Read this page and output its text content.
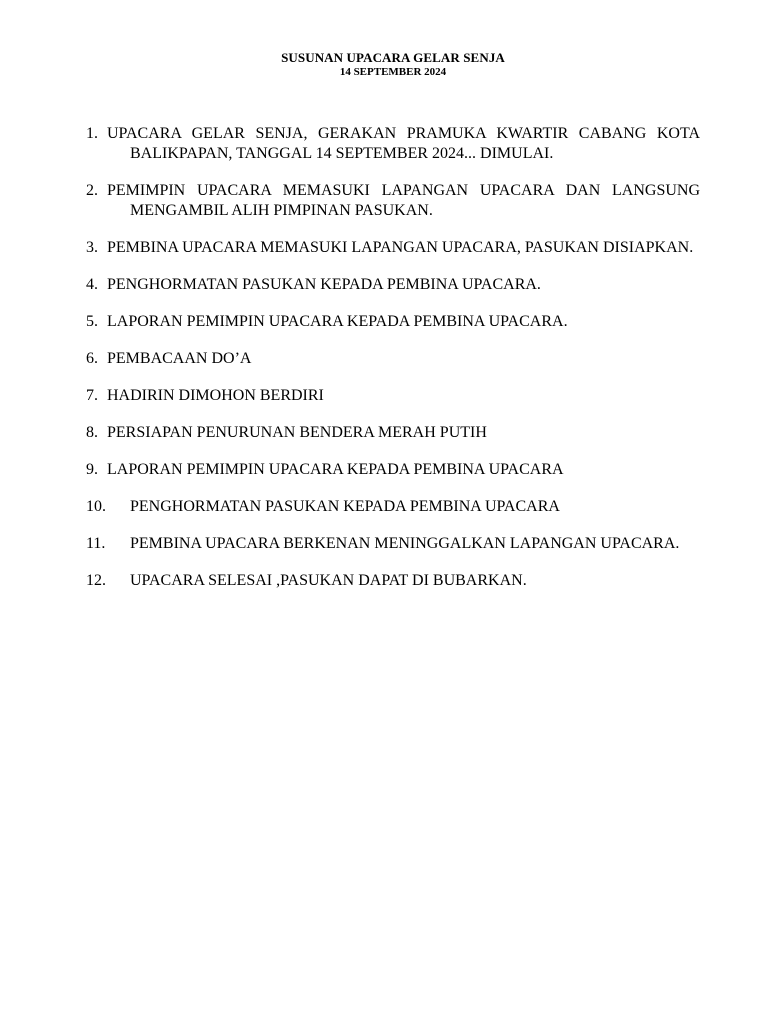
SUSUNAN UPACARA GELAR SENJA
14 SEPTEMBER 2024
1. UPACARA GELAR SENJA, GERAKAN PRAMUKA KWARTIR CABANG KOTA BALIKPAPAN, TANGGAL 14 SEPTEMBER 2024... DIMULAI.
2. PEMIMPIN UPACARA MEMASUKI LAPANGAN UPACARA DAN LANGSUNG MENGAMBIL ALIH PIMPINAN PASUKAN.
3. PEMBINA UPACARA MEMASUKI LAPANGAN UPACARA, PASUKAN DISIAPKAN.
4. PENGHORMATAN PASUKAN KEPADA PEMBINA UPACARA.
5. LAPORAN PEMIMPIN UPACARA KEPADA PEMBINA UPACARA.
6. PEMBACAAN DO’A
7. HADIRIN DIMOHON BERDIRI
8. PERSIAPAN PENURUNAN BENDERA MERAH PUTIH
9. LAPORAN PEMIMPIN UPACARA KEPADA PEMBINA UPACARA
10. PENGHORMATAN PASUKAN KEPADA PEMBINA UPACARA
11. PEMBINA UPACARA BERKENAN MENINGGALKAN LAPANGAN UPACARA.
12. UPACARA SELESAI ,PASUKAN DAPAT DI BUBARKAN.
